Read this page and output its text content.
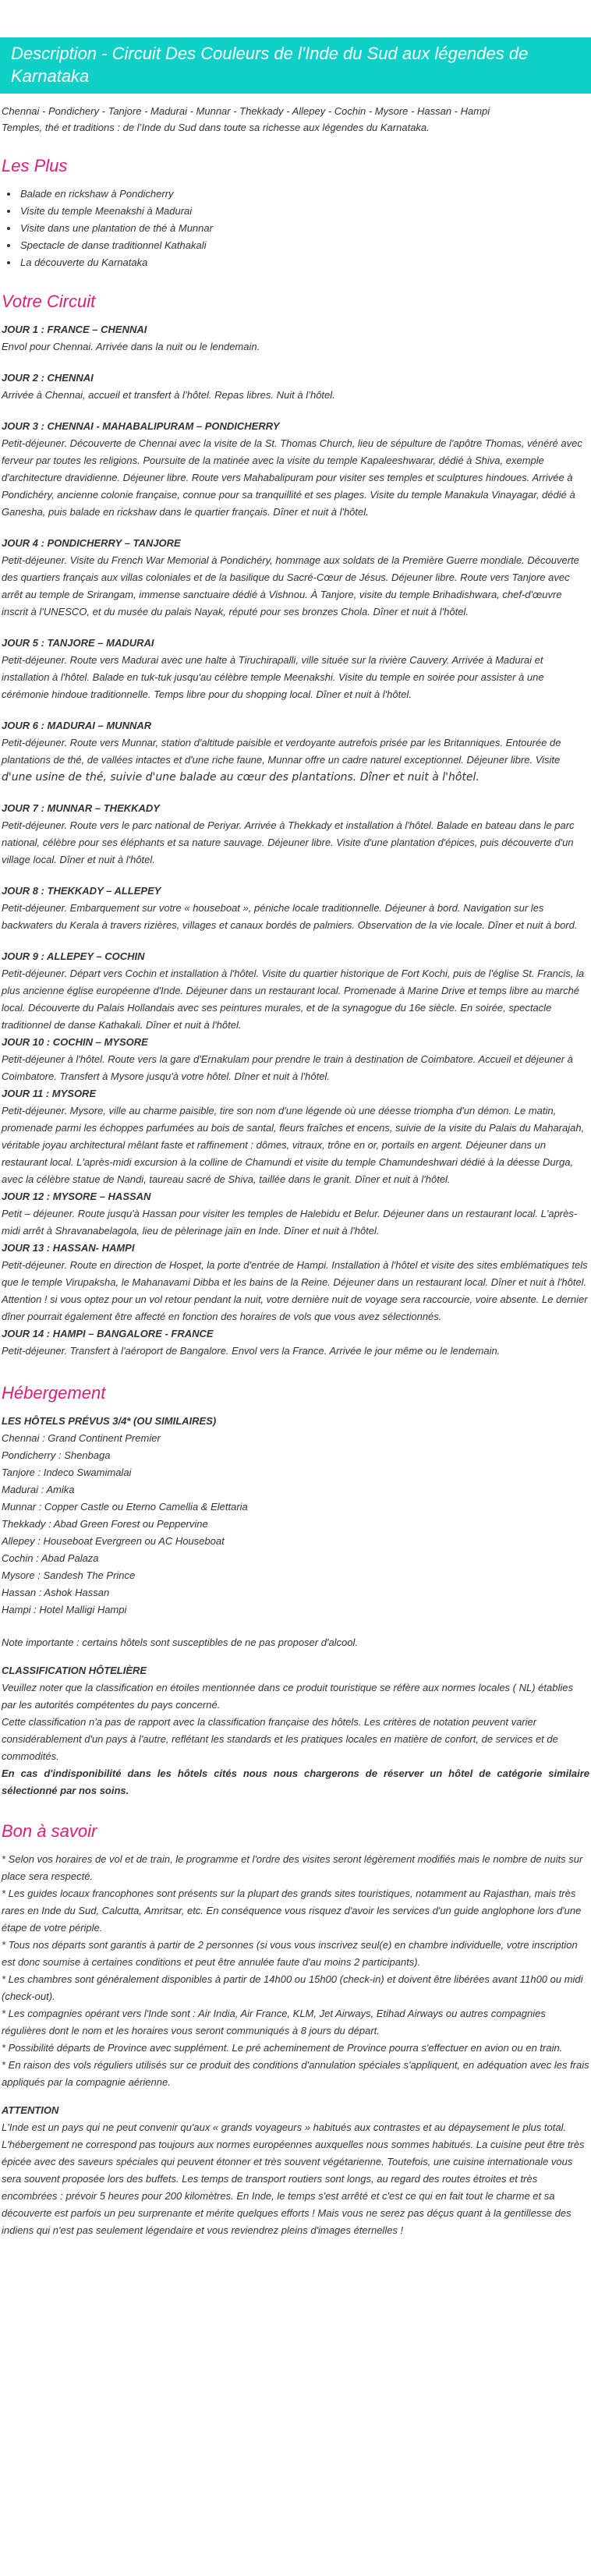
Description - Circuit Des Couleurs de l'Inde du Sud aux légendes de Karnataka

Chennai - Pondichery - Tanjore - Madurai - Munnar - Thekkady - Allepey - Cochin - Mysore - Hassan - Hampi
Temples, thé et traditions : de l’Inde du Sud dans toute sa richesse aux légendes du Karnataka.

Les Plus
• Balade en rickshaw à Pondicherry
• Visite du temple Meenakshi à Madurai
• Visite dans une plantation de thé à Munnar
• Spectacle de danse traditionnel Kathakali
• La découverte du Karnataka
Votre Circuit
JOUR 1 : FRANCE – CHENNAI
Envol pour Chennai. Arrivée dans la nuit ou le lendemain.
JOUR 2 : CHENNAI
Arrivée à Chennai, accueil et transfert à l’hôtel. Repas libres. Nuit à l’hôtel.
JOUR 3 : CHENNAI - MAHABALIPURAM – PONDICHERRY
Petit-déjeuner. Découverte de Chennai avec la visite de la St. Thomas Church, lieu de sépulture de l'apôtre Thomas, vénéré avec ferveur par toutes les religions. Poursuite de la matinée avec la visite du temple Kapaleeshwarar, dédié à Shiva, exemple d'architecture dravidienne. Déjeuner libre. Route vers Mahabalipuram pour visiter ses temples et sculptures hindoues. Arrivée à Pondichéry, ancienne colonie française, connue pour sa tranquillité et ses plages. Visite du temple Manakula Vinayagar, dédié à Ganesha, puis balade en rickshaw dans le quartier français. Dîner et nuit à l'hôtel.
JOUR 4 : PONDICHERRY – TANJORE
Petit-déjeuner. Visite du French War Memorial à Pondichéry, hommage aux soldats de la Première Guerre mondiale. Découverte des quartiers français aux villas coloniales et de la basilique du Sacré-Cœur de Jésus. Déjeuner libre. Route vers Tanjore avec arrêt au temple de Srirangam, immense sanctuaire dédié à Vishnou. À Tanjore, visite du temple Brihadishwara, chef-d'œuvre inscrit à l'UNESCO, et du musée du palais Nayak, réputé pour ses bronzes Chola. Dîner et nuit à l'hôtel.
JOUR 5 : TANJORE – MADURAI
Petit-déjeuner. Route vers Madurai avec une halte à Tiruchirapalli, ville située sur la rivière Cauvery. Arrivée à Madurai et installation à l'hôtel. Balade en tuk-tuk jusqu'au célèbre temple Meenakshi. Visite du temple en soirée pour assister à une cérémonie hindoue traditionnelle. Temps libre pour du shopping local. Dîner et nuit à l'hôtel.
JOUR 6 : MADURAI – MUNNAR
Petit-déjeuner. Route vers Munnar, station d'altitude paisible et verdoyante autrefois prisée par les Britanniques. Entourée de plantations de thé, de vallées intactes et d'une riche faune, Munnar offre un cadre naturel exceptionnel. Déjeuner libre. Visite d'une usine de thé, suivie d'une balade au cœur des plantations. Dîner et nuit à l'hôtel.
JOUR 7 : MUNNAR – THEKKADY
Petit-déjeuner. Route vers le parc national de Periyar. Arrivée à Thekkady et installation à l'hôtel. Balade en bateau dans le parc national, célèbre pour ses éléphants et sa nature sauvage. Déjeuner libre. Visite d'une plantation d'épices, puis découverte d'un village local. Dîner et nuit à l'hôtel.
JOUR 8 : THEKKADY – ALLEPEY
Petit-déjeuner. Embarquement sur votre « houseboat », péniche locale traditionnelle. Déjeuner à bord. Navigation sur les backwaters du Kerala à travers rizières, villages et canaux bordés de palmiers. Observation de la vie locale. Dîner et nuit à bord.
JOUR 9 : ALLEPEY – COCHIN
Petit-déjeuner. Départ vers Cochin et installation à l'hôtel. Visite du quartier historique de Fort Kochi, puis de l'église St. Francis, la plus ancienne église européenne d'Inde. Déjeuner dans un restaurant local. Promenade à Marine Drive et temps libre au marché local. Découverte du Palais Hollandais avec ses peintures murales, et de la synagogue du 16e siècle. En soirée, spectacle traditionnel de danse Kathakali. Dîner et nuit à l'hôtel.
JOUR 10 : COCHIN – MYSORE
Petit-déjeuner à l'hôtel. Route vers la gare d'Ernakulam pour prendre le train à destination de Coimbatore. Accueil et déjeuner à Coimbatore. Transfert à Mysore jusqu'à votre hôtel. Dîner et nuit à l'hôtel.
JOUR 11 : MYSORE
Petit-déjeuner. Mysore, ville au charme paisible, tire son nom d'une légende où une déesse triompha d'un démon. Le matin, promenade parmi les échoppes parfumées au bois de santal, fleurs fraîches et encens, suivie de la visite du Palais du Maharajah, véritable joyau architectural mêlant faste et raffinement : dômes, vitraux, trône en or, portails en argent. Déjeuner dans un restaurant local. L'après-midi excursion à la colline de Chamundi et visite du temple Chamundeshwari dédié à la déesse Durga, avec la célèbre statue de Nandi, taureau sacré de Shiva, taillée dans le granit. Dîner et nuit à l'hôtel.
JOUR 12 : MYSORE – HASSAN
Petit – déjeuner. Route jusqu'à Hassan pour visiter les temples de Halebidu et Belur. Déjeuner dans un restaurant local. L'après-midi arrêt à Shravanabelagola, lieu de pèlerinage jaïn en Inde. Dîner et nuit à l'hôtel.
JOUR 13 : HASSAN- HAMPI
Petit-déjeuner. Route en direction de Hospet, la porte d'entrée de Hampi. Installation à l'hôtel et visite des sites emblématiques tels que le temple Virupaksha, le Mahanavami Dibba et les bains de la Reine. Déjeuner dans un restaurant local. Dîner et nuit à l'hôtel.
Attention ! si vous optez pour un vol retour pendant la nuit, votre dernière nuit de voyage sera raccourcie, voire absente. Le dernier dîner pourrait également être affecté en fonction des horaires de vols que vous avez sélectionnés.
JOUR 14 : HAMPI – BANGALORE - FRANCE
Petit-déjeuner. Transfert à l'aéroport de Bangalore. Envol vers la France. Arrivée le jour même ou le lendemain.
Hébergement

LES HÔTELS PRÉVUS 3/4* (OU SIMILAIRES)

Chennai : Grand Continent Premier
Pondicherry : Shenbaga
Tanjore : Indeco Swamimalai
Madurai : Amika
Munnar : Copper Castle ou Eterno Camellia & Elettaria
Thekkady : Abad Green Forest ou Peppervine
Allepey : Houseboat Evergreen ou AC Houseboat
Cochin : Abad Palaza
Mysore : Sandesh The Prince
Hassan : Ashok Hassan
Hampi : Hotel Malligi Hampi

Note importante : certains hôtels sont susceptibles de ne pas proposer d'alcool.

CLASSIFICATION HÔTELIÈRE

Veuillez noter que la classification en étoiles mentionnée dans ce produit touristique se réfère aux normes locales ( NL) établies par les autorités compétentes du pays concerné.

Cette classification n'a pas de rapport avec la classification française des hôtels. Les critères de notation peuvent varier considérablement d'un pays à l'autre, reflétant les standards et les pratiques locales en matière de confort, de services et de commodités.

En cas d'indisponibilité dans les hôtels cités nous nous chargerons de réserver un hôtel de catégorie similaire sélectionné par nos soins.

Bon à savoir

* Selon vos horaires de vol et de train, le programme et l'ordre des visites seront légèrement modifiés mais le nombre de nuits sur place sera respecté.

* Les guides locaux francophones sont présents sur la plupart des grands sites touristiques, notamment au Rajasthan, mais très rares en Inde du Sud, Calcutta, Amritsar, etc. En conséquence vous risquez d'avoir les services d'un guide anglophone lors d'une étape de votre périple.

* Tous nos départs sont garantis à partir de 2 personnes (si vous vous inscrivez seul(e) en chambre individuelle, votre inscription est donc soumise à certaines conditions et peut être annulée faute d'au moins 2 participants).

* Les chambres sont généralement disponibles à partir de 14h00 ou 15h00 (check-in) et doivent être libérées avant 11h00 ou midi (check-out).

* Les compagnies opérant vers l'Inde sont : Air India, Air France, KLM, Jet Airways, Etihad Airways ou autres compagnies régulières dont le nom et les horaires vous seront communiqués à 8 jours du départ.

* Possibilité départs de Province avec supplément. Le pré acheminement de Province pourra s'effectuer en avion ou en train.

* En raison des vols réguliers utilisés sur ce produit des conditions d'annulation spéciales s'appliquent, en adéquation avec les frais appliqués par la compagnie aérienne.

ATTENTION

L'Inde est un pays qui ne peut convenir qu'aux « grands voyageurs » habitués aux contrastes et au dépaysement le plus total. L'hébergement ne correspond pas toujours aux normes européennes auxquelles nous sommes habitués. La cuisine peut être très épicée avec des saveurs spéciales qui peuvent étonner et très souvent végétarienne. Toutefois, une cuisine internationale vous sera souvent proposée lors des buffets. Les temps de transport routiers sont longs, au regard des routes étroites et très encombrées : prévoir 5 heures pour 200 kilomètres. En Inde, le temps s'est arrêté et c'est ce qui en fait tout le charme et sa découverte est parfois un peu surprenante et mérite quelques efforts ! Mais vous ne serez pas déçus quant à la gentillesse des indiens qui n'est pas seulement légendaire et vous reviendrez pleins d'images éternelles !
